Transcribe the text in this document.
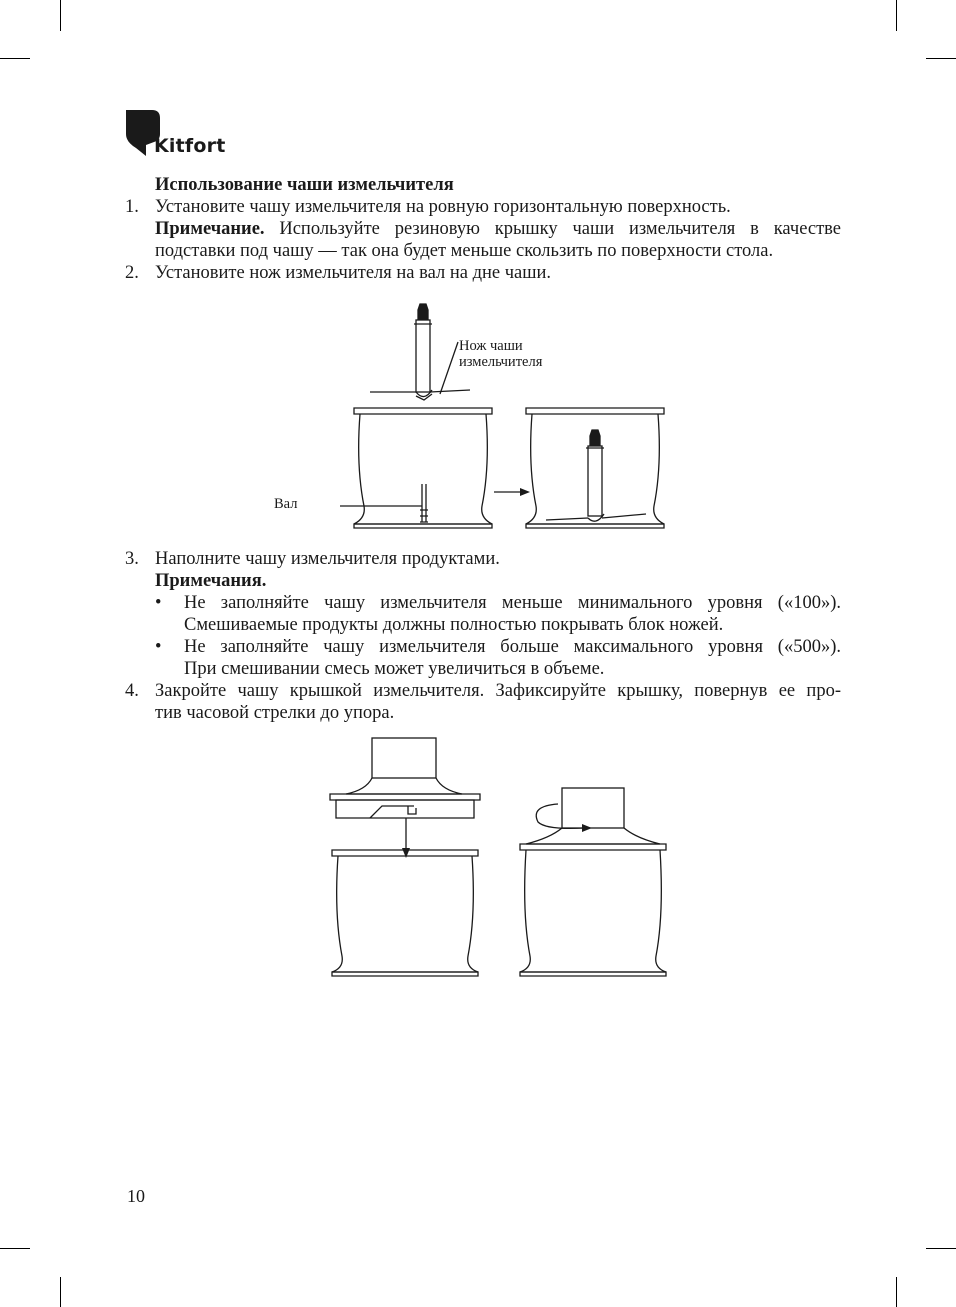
Kitfort
Использование чаши измельчителя
1. Установите чашу измельчителя на ровную горизонтальную поверхность.
Примечание. Используйте резиновую крышку чаши измельчителя в качестве
подставки под чашу — так она будет меньше скользить по поверхности стола.
2. Установите нож измельчителя на вал на дне чаши.
Нож чаши
измельчителя
Вал
3. Наполните чашу измельчителя продуктами.
Примечания.
• Не заполняйте чашу измельчителя меньше минимального уровня («100»).
Смешиваемые продукты должны полностью покрывать блок ножей.
• Не заполняйте чашу измельчителя больше максимального уровня («500»).
При смешивании смесь может увеличиться в объеме.
4. Закройте чашу крышкой измельчителя. Зафиксируйте крышку, повернув ее про-
тив часовой стрелки до упора.
10
